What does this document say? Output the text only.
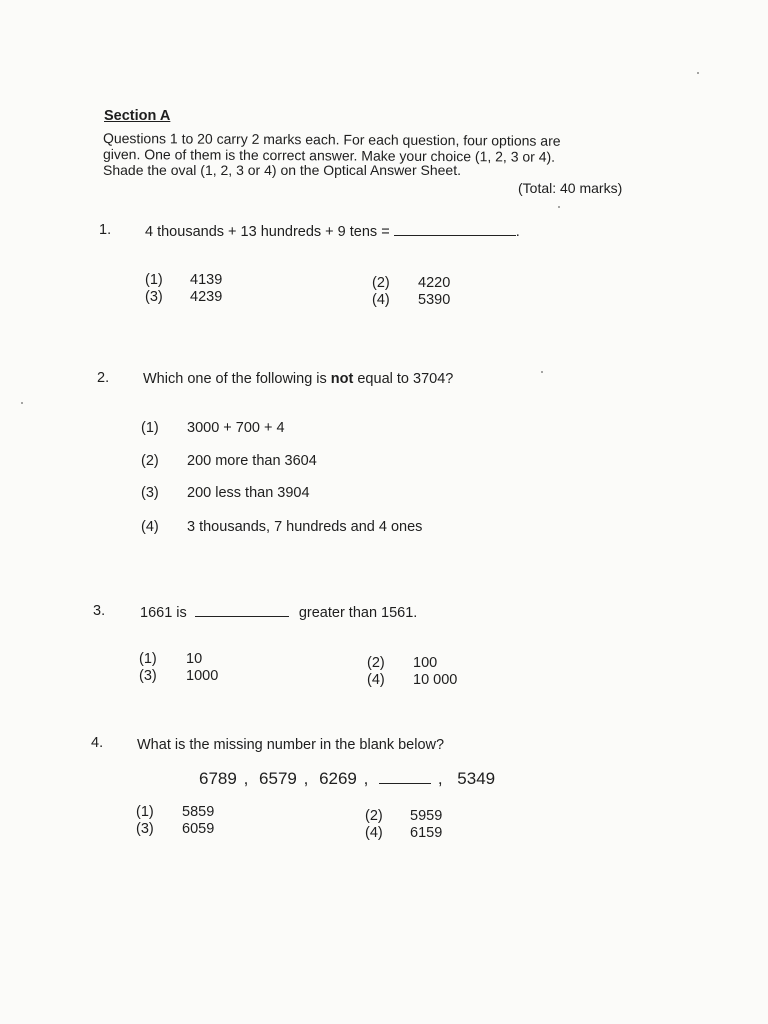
Section A
Questions 1 to 20 carry 2 marks each. For each question, four options are
given. One of them is the correct answer. Make your choice (1, 2, 3 or 4).
Shade the oval (1, 2, 3 or 4) on the Optical Answer Sheet.
(Total: 40 marks)
1. 4 thousands + 13 hundreds + 9 tens =	.
(1) 4139
(3) 4239
(2) 4220
(4) 5390
2. Which one of the following is not equal to 3704?
(1) 3000 + 700 + 4
(2) 200 more than 3604
(3) 200 less than 3904
(4) 3 thousands, 7 hundreds and 4 ones
3. 1661 is	greater than 1561.
(1) 10
(3) 1000
(2) 100
(4) 10 000
4. What is the missing number in the blank below?
6789 , 6579 , 6269 ,	, 5349
(1) 5859
(3) 6059
(2) 5959
(4) 6159
